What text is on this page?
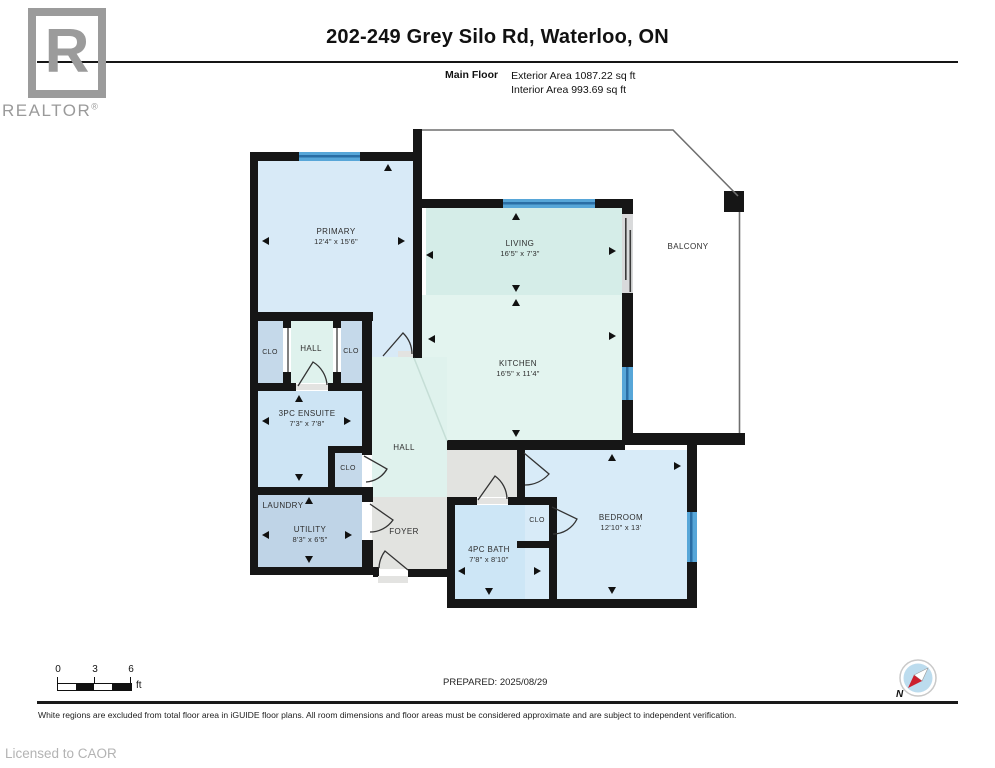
R
REALTOR®
202-249 Grey Silo Rd, Waterloo, ON
Main Floor Exterior Area 1087.22 sq ft
Interior Area 993.69 sq ft
PRIMARY
12'4" x 15'6"	LIVING
16'5" x 7'3"
KITCHEN
16'5" x 11'4"
BALCONY
HALL
CLO	CLO
3PC ENSUITE
7'3" x 7'8"
CLO
HALL
LAUNDRY
UTILITY
8'3" x 6'5"
FOYER
4PC BATH
7'8" x 8'10"
CLO	BEDROOM
12'10" x 13'
0	3	6
ft	PREPARED: 2025/08/29
N
White regions are excluded from total floor area in iGUIDE floor plans. All room dimensions and floor areas must be considered approximate and are subject to independent verification.
Licensed to CAOR
